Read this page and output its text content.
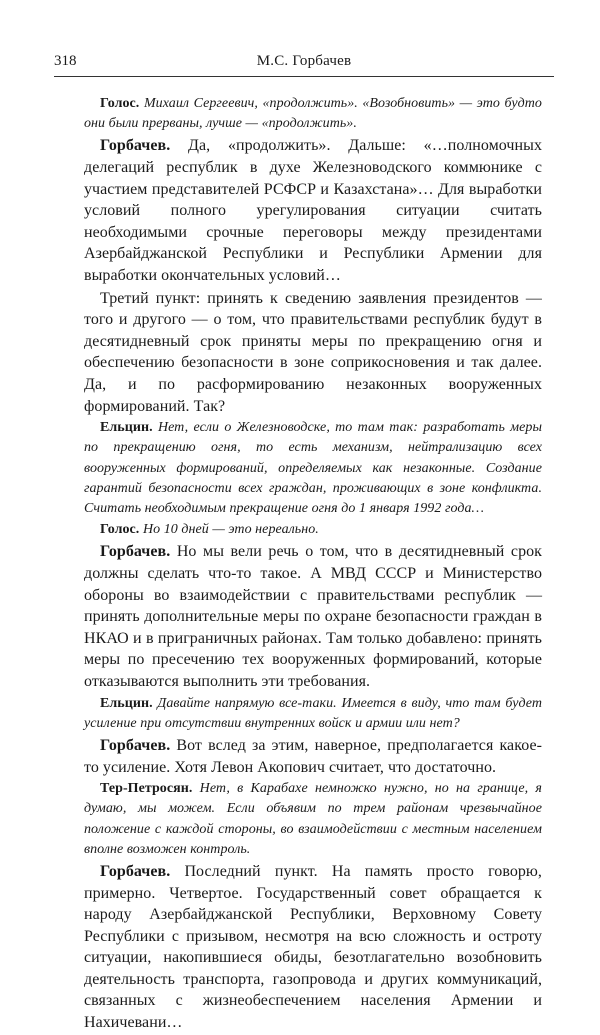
318	М.С. Горбачев

Голос. Михаил Сергеевич, «продолжить». «Возобновить» — это будто они были прерваны, лучше — «продолжить».

Горбачев. Да, «продолжить». Дальше: «…полномочных делегаций республик в духе Железноводского коммюнике с участием представителей РСФСР и Казахстана»… Для выработки условий полного урегулирования ситуации считать необходимыми срочные переговоры между президентами Азербайджанской Республики и Республики Армении для выработки окончательных условий…

Третий пункт: принять к сведению заявления президентов — того и другого — о том, что правительствами республик будут в десятидневный срок приняты меры по прекращению огня и обеспечению безопасности в зоне соприкосновения и так далее. Да, и по расформированию незаконных вооруженных формирований. Так?

Ельцин. Нет, если о Железноводске, то там так: разработать меры по прекращению огня, то есть механизм, нейтрализацию всех вооруженных формирований, определяемых как незаконные. Создание гарантий безопасности всех граждан, проживающих в зоне конфликта. Считать необходимым прекращение огня до 1 января 1992 года…

Голос. Но 10 дней — это нереально.

Горбачев. Но мы вели речь о том, что в десятидневный срок должны сделать что-то такое. А МВД СССР и Министерство обороны во взаимодействии с правительствами республик — принять дополнительные меры по охране безопасности граждан в НКАО и в приграничных районах. Там только добавлено: принять меры по пресечению тех вооруженных формирований, которые отказываются выполнить эти требования.

Ельцин. Давайте напрямую все-таки. Имеется в виду, что там будет усиление при отсутствии внутренних войск и армии или нет?

Горбачев. Вот вслед за этим, наверное, предполагается какое-то усиление. Хотя Левон Акопович считает, что достаточно.

Тер-Петросян. Нет, в Карабахе немножко нужно, но на границе, я думаю, мы можем. Если объявим по трем районам чрезвычайное положение с каждой стороны, во взаимодействии с местным населением вполне возможен контроль.

Горбачев. Последний пункт. На память просто говорю, примерно. Четвертое. Государственный совет обращается к народу Азербайджанской Республики, Верховному Совету Республики с призывом, несмотря на всю сложность и остроту ситуации, накопившиеся обиды, безотлагательно возобновить деятельность транспорта, газопровода и других коммуникаций, связанных с жизнеобеспечением населения Армении и Нахичевани…
